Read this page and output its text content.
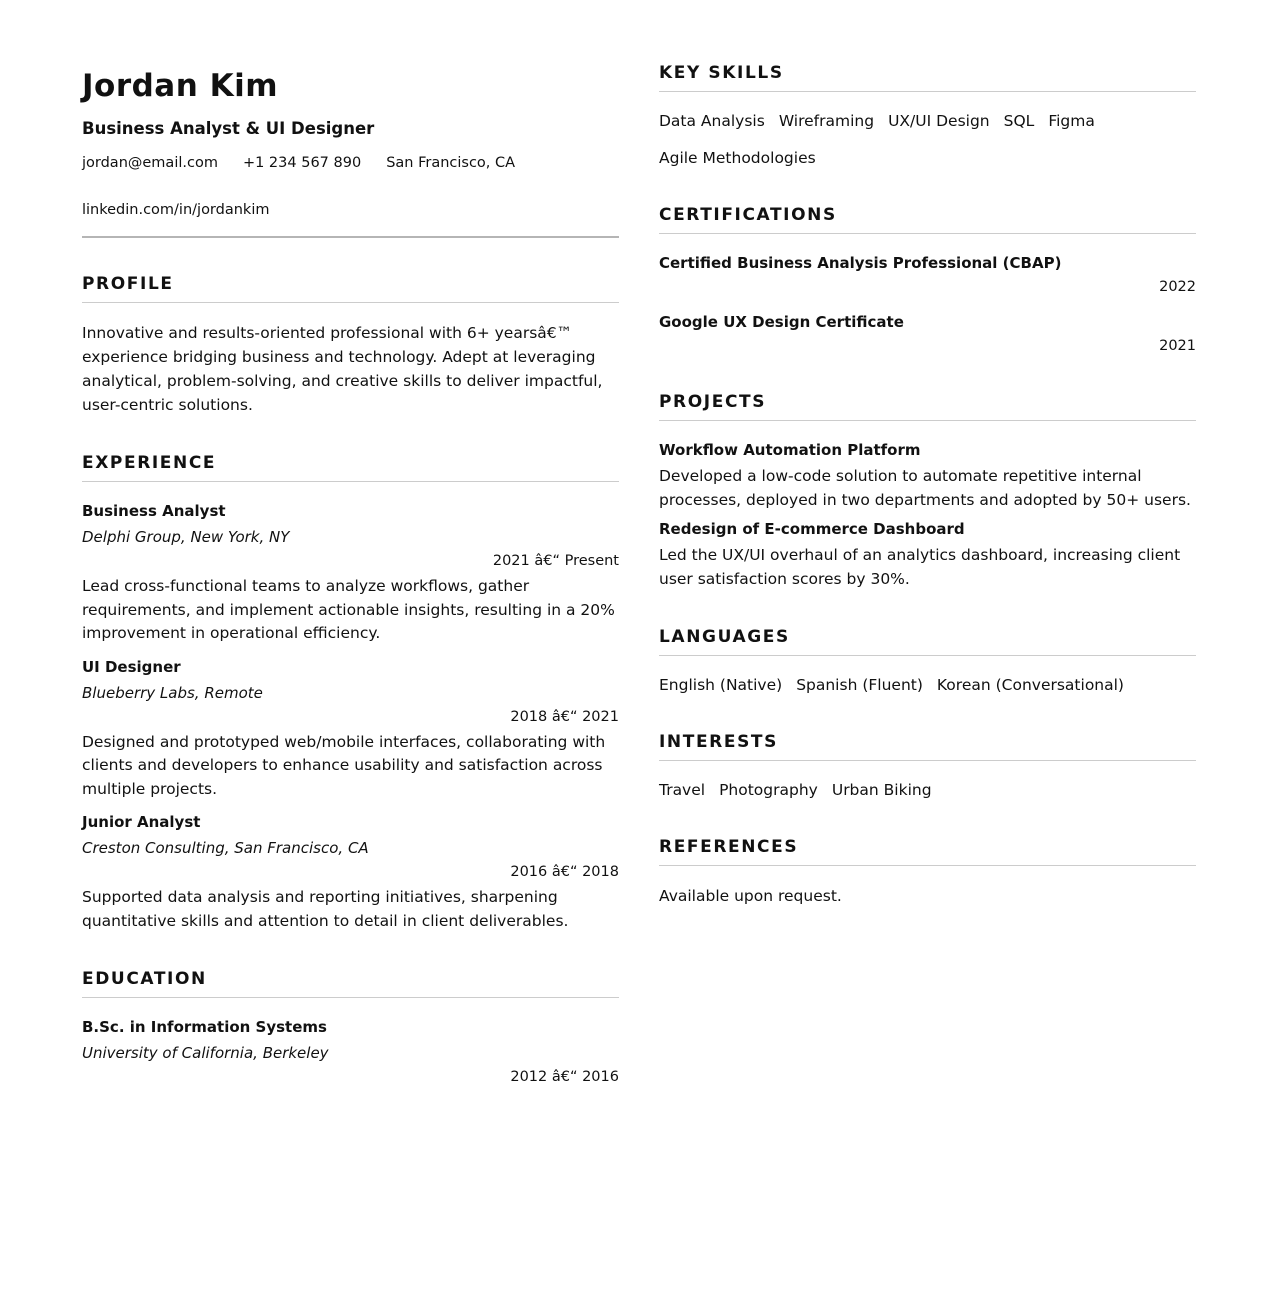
Jordan Kim
Business Analyst & UI Designer
jordan@email.com +1 234 567 890 San Francisco, CA
linkedin.com/in/jordankim
PROFILE

Innovative and results-oriented professional with 6+ yearsâ€™ experience bridging business and technology. Adept at leveraging analytical, problem-solving, and creative skills to deliver impactful, user-centric solutions.

EXPERIENCE
Business Analyst
Delphi Group, New York, NY
2021 â€“ Present
Lead cross-functional teams to analyze workflows, gather requirements, and implement actionable insights, resulting in a 20% improvement in operational efficiency.
UI Designer
Blueberry Labs, Remote
2018 â€“ 2021
Designed and prototyped web/mobile interfaces, collaborating with clients and developers to enhance usability and satisfaction across multiple projects.
Junior Analyst
Creston Consulting, San Francisco, CA
2016 â€“ 2018
Supported data analysis and reporting initiatives, sharpening quantitative skills and attention to detail in client deliverables.
EDUCATION
B.Sc. in Information Systems
University of California, Berkeley
2012 â€“ 2016
KEY SKILLS
Data Analysis Wireframing UX/UI Design SQL Figma
Agile Methodologies
CERTIFICATIONS
Certified Business Analysis Professional (CBAP)
2022
Google UX Design Certificate
2021
PROJECTS
Workflow Automation Platform
Developed a low-code solution to automate repetitive internal processes, deployed in two departments and adopted by 50+ users.
Redesign of E-commerce Dashboard
Led the UX/UI overhaul of an analytics dashboard, increasing client user satisfaction scores by 30%.
LANGUAGES
English (Native) Spanish (Fluent) Korean (Conversational)
INTERESTS
Travel Photography Urban Biking
REFERENCES

Available upon request.
